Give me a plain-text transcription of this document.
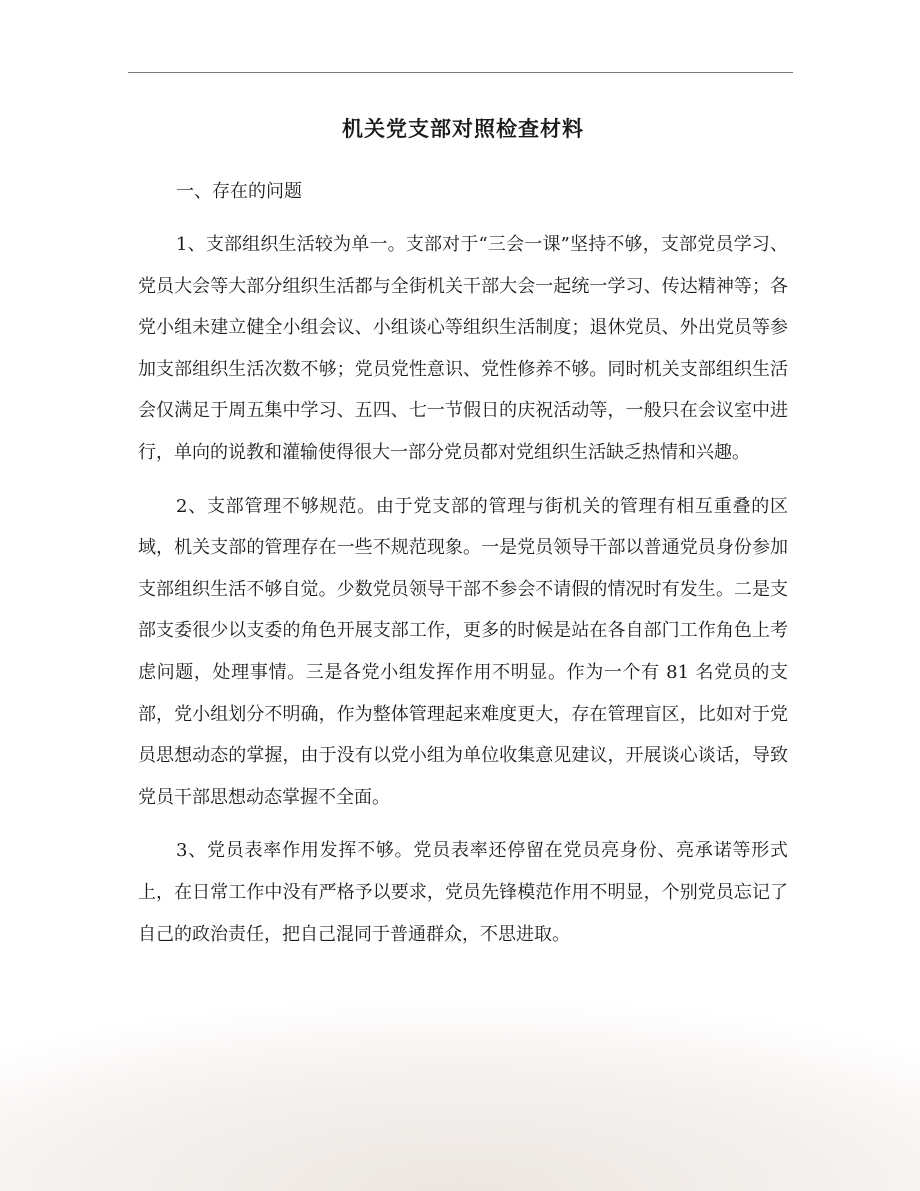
机关党支部对照检查材料

一、存在的问题

1、支部组织生活较为单一。支部对于“三会一课”坚持不够，支部党员学习、党员大会等大部分组织生活都与全街机关干部大会一起统一学习、传达精神等；各党小组未建立健全小组会议、小组谈心等组织生活制度；退休党员、外出党员等参加支部组织生活次数不够；党员党性意识、党性修养不够。同时机关支部组织生活会仅满足于周五集中学习、五四、七一节假日的庆祝活动等，一般只在会议室中进行，单向的说教和灌输使得很大一部分党员都对党组织生活缺乏热情和兴趣。

2、支部管理不够规范。由于党支部的管理与街机关的管理有相互重叠的区域，机关支部的管理存在一些不规范现象。一是党员领导干部以普通党员身份参加支部组织生活不够自觉。少数党员领导干部不参会不请假的情况时有发生。二是支部支委很少以支委的角色开展支部工作，更多的时候是站在各自部门工作角色上考虑问题，处理事情。三是各党小组发挥作用不明显。作为一个有 81 名党员的支部，党小组划分不明确，作为整体管理起来难度更大，存在管理盲区，比如对于党员思想动态的掌握，由于没有以党小组为单位收集意见建议，开展谈心谈话，导致党员干部思想动态掌握不全面。

3、党员表率作用发挥不够。党员表率还停留在党员亮身份、亮承诺等形式上，在日常工作中没有严格予以要求，党员先锋模范作用不明显，个别党员忘记了自己的政治责任，把自己混同于普通群众，不思进取。
